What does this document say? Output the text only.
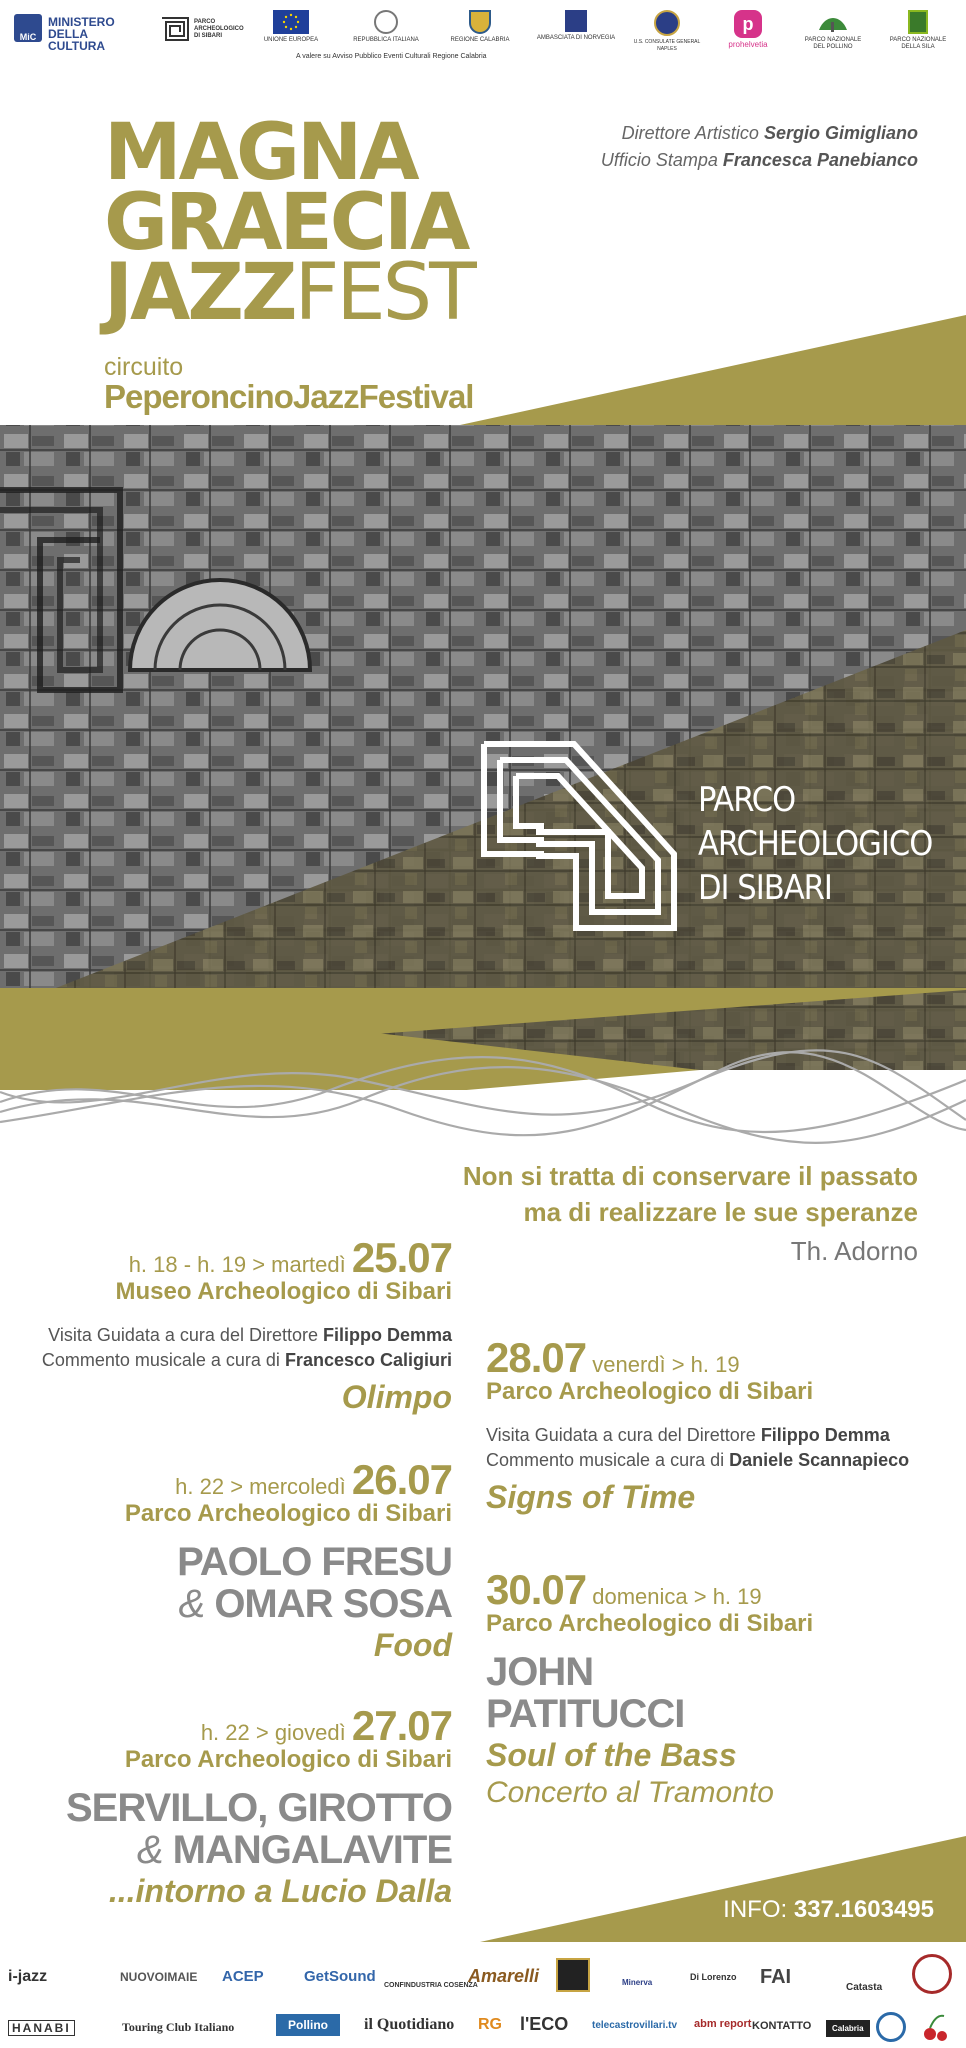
MiC
MINISTERO
DELLA
CULTURA
PARCO
ARCHEOLOGICO
DI SIBARI
UNIONE EUROPEA	REPUBBLICA ITALIANA	REGIONE CALABRIA	AMBASCIATA DI NORVEGIA
U.S. CONSULATE GENERAL
NAPLES
p
prohelvetia	PARCO NAZIONALE
DEL POLLINO
PARCO NAZIONALE
DELLA SILA
A valere su Avviso Pubblico Eventi Culturali Regione Calabria
MAGNA
GRAECIA
JAZZFEST
circuito
PeperoncinoJazzFestival
Direttore Artistico Sergio Gimigliano
Ufficio Stampa Francesca Panebianco
PARCO
ARCHEOLOGICO
DI SIBARI
Non si tratta di conservare il passato
ma di realizzare le sue speranze
Th. Adorno
h. 18 - h. 19 > martedì 25.07
Museo Archeologico di Sibari
Visita Guidata a cura del Direttore Filippo Demma
Commento musicale a cura di Francesco Caligiuri
Olimpo
h. 22 > mercoledì 26.07
Parco Archeologico di Sibari
PAOLO FRESU
& OMAR SOSA
Food
h. 22 > giovedì 27.07
Parco Archeologico di Sibari
SERVILLO, GIROTTO
& MANGALAVITE
...intorno a Lucio Dalla
28.07 venerdì > h. 19
Parco Archeologico di Sibari
Visita Guidata a cura del Direttore Filippo Demma
Commento musicale a cura di Daniele Scannapieco
Signs of Time
30.07 domenica > h. 19
Parco Archeologico di Sibari
JOHN
PATITUCCI
Soul of the Bass
Concerto al Tramonto
INFO: 337.1603495
i-jazz	NUOVOIMAIE ACEP	GetSound
CONFINDUSTRIA COSENZA
Amarelli	Minerva
Di Lorenzo FAI	Catasta
HANABI	Touring Club Italiano	Pollino	il Quotidiano RG l'ECO telecastrovillari.tv abm report KONTATTO	Calabria
